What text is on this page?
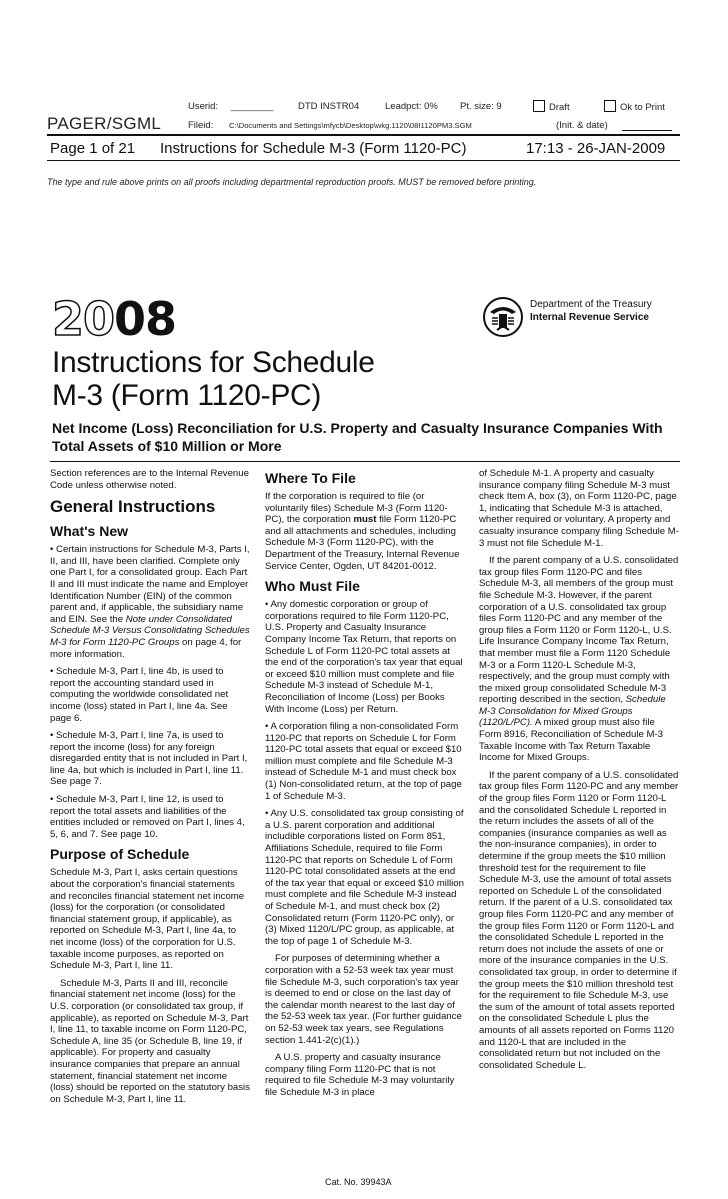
Userid: ________	DTD INSTR04	Leadpct: 0% Pt. size: 9	Draft	Ok to Print
PAGER/SGML	Fileid: C:\Documents and Settings\mfycb\Desktop\wkg.1120\08I1120PM3.SGM	(Init. & date)
Page 1 of 21 Instructions for Schedule M-3 (Form 1120-PC)	17:13 - 26-JAN-2009
The type and rule above prints on all proofs including departmental reproduction proofs. MUST be removed before printing.
2008	Department of the Treasury
Internal Revenue Service
Instructions for Schedule
M-3 (Form 1120-PC)
Net Income (Loss) Reconciliation for U.S. Property and Casualty Insurance Companies With Total Assets of $10 Million or More

Section references are to the Internal Revenue Code unless otherwise noted.

General Instructions
What's New

• Certain instructions for Schedule M-3, Parts I, II, and III, have been clarified. Complete only one Part I, for a consolidated group. Each Part II and III must indicate the name and Employer Identification Number (EIN) of the common parent and, if applicable, the subsidiary name and EIN. See the Note under Consolidated Schedule M-3 Versus Consolidating Schedules M-3 for Form 1120-PC Groups on page 4, for more information.

• Schedule M-3, Part I, line 4b, is used to report the accounting standard used in computing the worldwide consolidated net income (loss) stated in Part I, line 4a. See page 6.

• Schedule M-3, Part I, line 7a, is used to report the income (loss) for any foreign disregarded entity that is not included in Part I, line 4a, but which is included in Part I, line 11. See page 7.

• Schedule M-3, Part I, line 12, is used to report the total assets and liabilities of the entities included or removed on Part I, lines 4, 5, 6, and 7. See page 10.

Purpose of Schedule

Schedule M-3, Part I, asks certain questions about the corporation's financial statements and reconciles financial statement net income (loss) for the corporation (or consolidated financial statement group, if applicable), as reported on Schedule M-3, Part I, line 4a, to net income (loss) of the corporation for U.S. taxable income purposes, as reported on Schedule M-3, Part I, line 11.

Schedule M-3, Parts II and III, reconcile financial statement net income (loss) for the U.S. corporation (or consolidated tax group, if applicable), as reported on Schedule M-3, Part I, line 11, to taxable income on Form 1120-PC, Schedule A, line 35 (or Schedule B, line 19, if applicable). For property and casualty insurance companies that prepare an annual statement, financial statement net income (loss) should be reported on the statutory basis on Schedule M-3, Part I, line 11.

Where To File

If the corporation is required to file (or voluntarily files) Schedule M-3 (Form 1120-PC), the corporation must file Form 1120-PC and all attachments and schedules, including Schedule M-3 (Form 1120-PC), with the Department of the Treasury, Internal Revenue Service Center, Ogden, UT 84201-0012.

Who Must File

• Any domestic corporation or group of corporations required to file Form 1120-PC, U.S. Property and Casualty Insurance Company Income Tax Return, that reports on Schedule L of Form 1120-PC total assets at the end of the corporation's tax year that equal or exceed $10 million must complete and file Schedule M-3 instead of Schedule M-1, Reconciliation of Income (Loss) per Books With Income (Loss) per Return.

• A corporation filing a non-consolidated Form 1120-PC that reports on Schedule L for Form 1120-PC total assets that equal or exceed $10 million must complete and file Schedule M-3 instead of Schedule M-1 and must check box (1) Non-consolidated return, at the top of page 1 of Schedule M-3.

• Any U.S. consolidated tax group consisting of a U.S. parent corporation and additional includible corporations listed on Form 851, Affiliations Schedule, required to file Form 1120-PC that reports on Schedule L of Form 1120-PC total consolidated assets at the end of the tax year that equal or exceed $10 million must complete and file Schedule M-3 instead of Schedule M-1, and must check box (2) Consolidated return (Form 1120-PC only), or (3) Mixed 1120/L/PC group, as applicable, at the top of page 1 of Schedule M-3.

For purposes of determining whether a corporation with a 52-53 week tax year must file Schedule M-3, such corporation's tax year is deemed to end or close on the last day of the calendar month nearest to the last day of the 52-53 week tax year. (For further guidance on 52-53 week tax years, see Regulations section 1.441-2(c)(1).)

A U.S. property and casualty insurance company filing Form 1120-PC that is not required to file Schedule M-3 may voluntarily file Schedule M-3 in place

of Schedule M-1. A property and casualty insurance company filing Schedule M-3 must check Item A, box (3), on Form 1120-PC, page 1, indicating that Schedule M-3 is attached, whether required or voluntary. A property and casualty insurance company filing Schedule M-3 must not file Schedule M-1.

If the parent company of a U.S. consolidated tax group files Form 1120-PC and files Schedule M-3, all members of the group must file Schedule M-3. However, if the parent corporation of a U.S. consolidated tax group files Form 1120-PC and any member of the group files a Form 1120 or Form 1120-L, U.S. Life Insurance Company Income Tax Return, that member must file a Form 1120 Schedule M-3 or a Form 1120-L Schedule M-3, respectively, and the group must comply with the mixed group consolidated Schedule M-3 reporting described in the section, Schedule M-3 Consolidation for Mixed Groups (1120/L/PC). A mixed group must also file Form 8916, Reconciliation of Schedule M-3 Taxable Income with Tax Return Taxable Income for Mixed Groups.

If the parent company of a U.S. consolidated tax group files Form 1120-PC and any member of the group files Form 1120 or Form 1120-L and the consolidated Schedule L reported in the return includes the assets of all of the companies (insurance companies as well as the non-insurance companies), in order to determine if the group meets the $10 million threshold test for the requirement to file Schedule M-3, use the amount of total assets reported on Schedule L of the consolidated return. If the parent of a U.S. consolidated tax group files Form 1120-PC and any member of the group files Form 1120 or Form 1120-L and the consolidated Schedule L reported in the return does not include the assets of one or more of the insurance companies in the U.S. consolidated tax group, in order to determine if the group meets the $10 million threshold test for the requirement to file Schedule M-3, use the sum of the amount of total assets reported on the consolidated Schedule L plus the amounts of all assets reported on Forms 1120 and 1120-L that are included in the consolidated return but not included on the consolidated Schedule L.

Cat. No. 39943A
